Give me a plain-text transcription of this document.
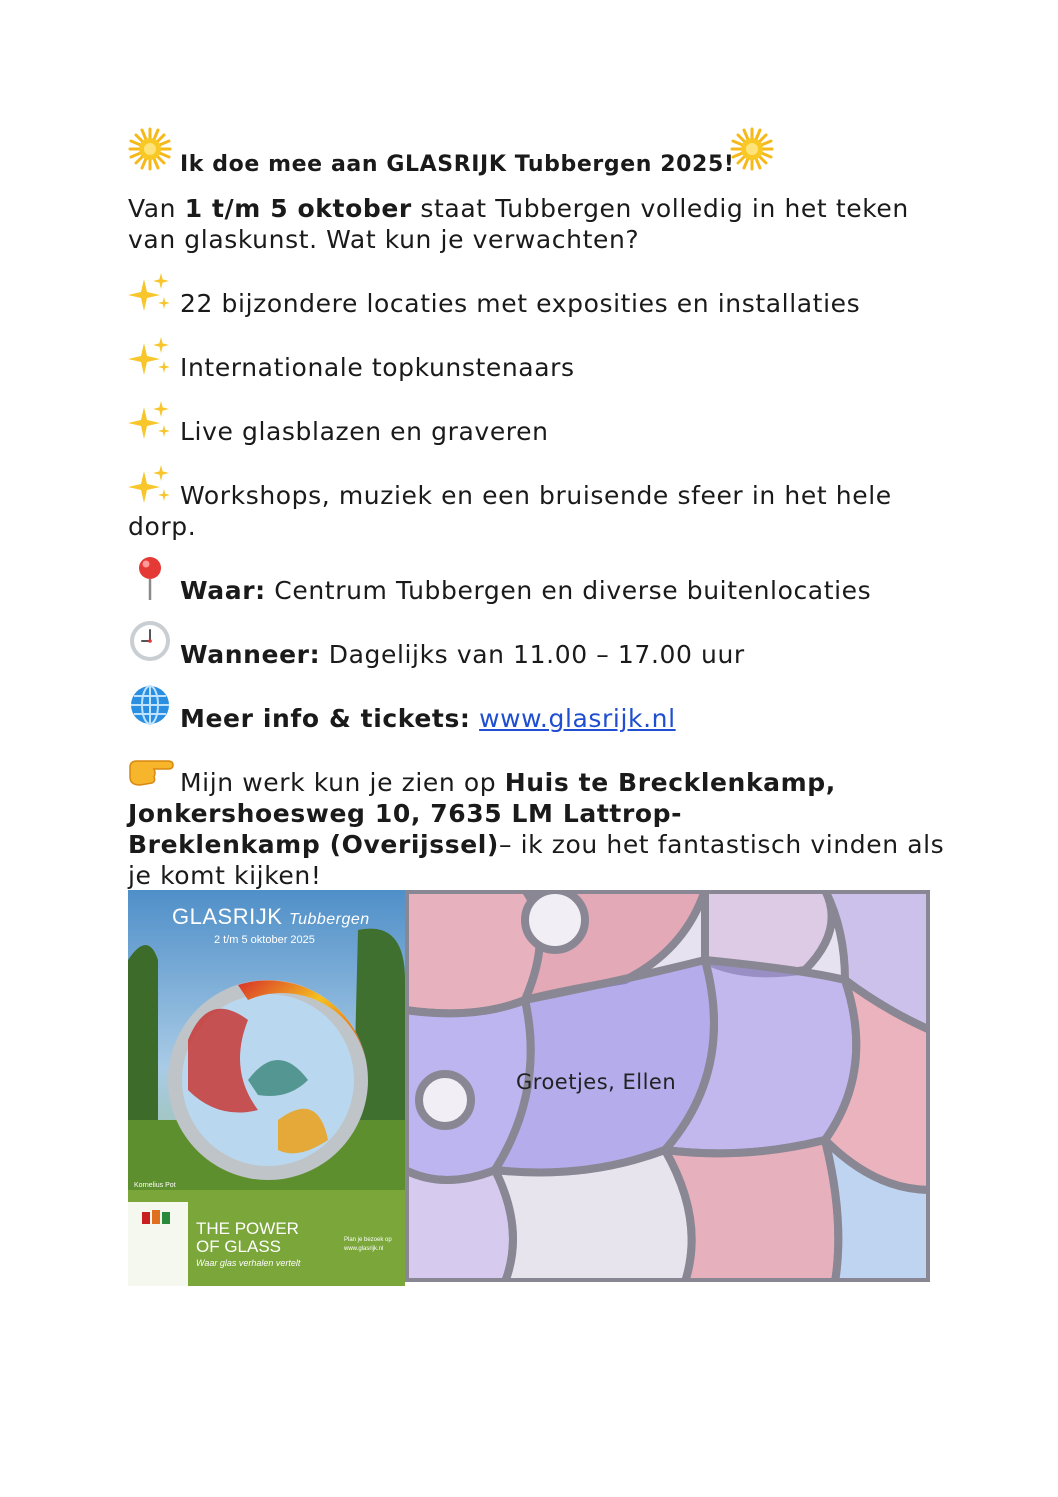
Ik doe mee aan GLASRIJK Tubbergen 2025!
Van 1 t/m 5 oktober staat Tubbergen volledig in het teken
van glaskunst. Wat kun je verwachten?
22 bijzondere locaties met exposities en installaties
Internationale topkunstenaars
Live glasblazen en graveren
Workshops, muziek en een bruisende sfeer in het hele
dorp.
Waar: Centrum Tubbergen en diverse buitenlocaties
Wanneer: Dagelijks van 11.00 – 17.00 uur
Meer info & tickets: www.glasrijk.nl
Mijn werk kun je zien op Huis te Brecklenkamp,
Jonkershoesweg 10, 7635 LM Lattrop-
Breklenkamp (Overijssel)– ik zou het fantastisch vinden als
je komt kijken!
GLASRIJK Tubbergen
2 t/m 5 oktober 2025
Kornelius Pot
THE POWER
OF GLASS
Waar glas verhalen vertelt
Plan je bezoek op
www.glasrijk.nl
Groetjes, Ellen
